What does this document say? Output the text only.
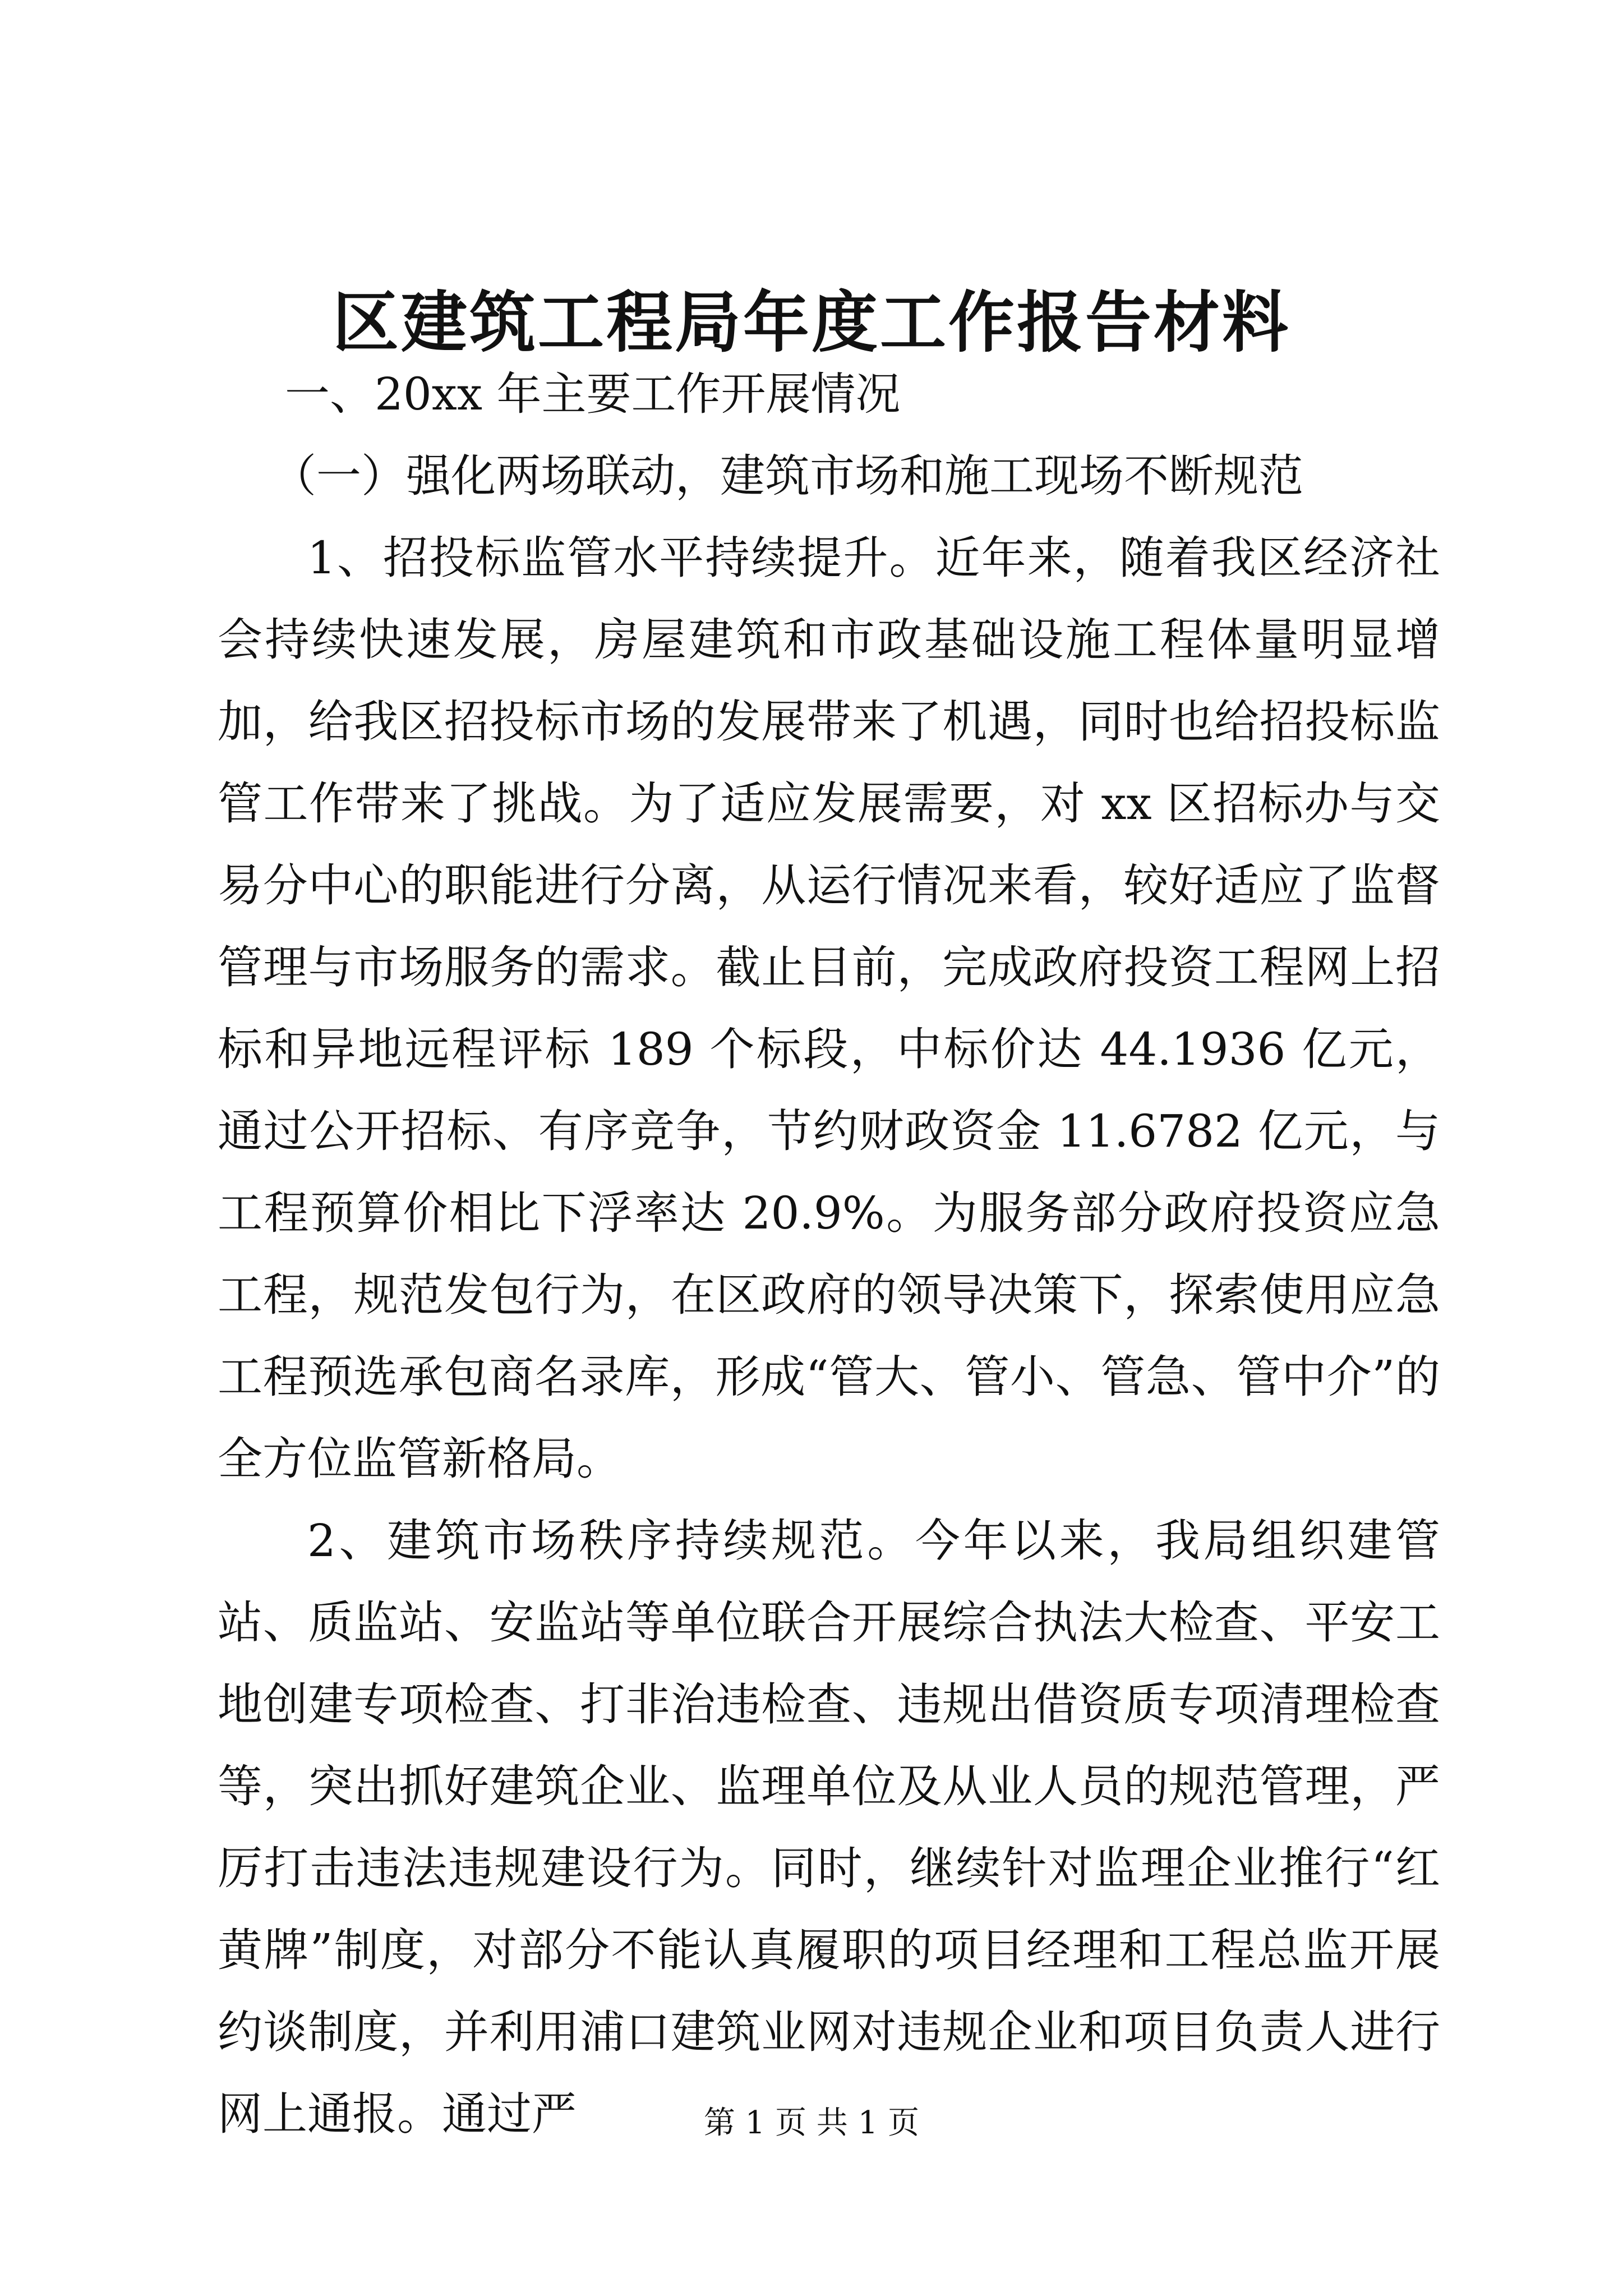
区建筑工程局年度工作报告材料

一、20xx 年主要工作开展情况

（一）强化两场联动，建筑市场和施工现场不断规范

1、招投标监管水平持续提升。近年来，随着我区经济社会持续快速发展，房屋建筑和市政基础设施工程体量明显增加，给我区招投标市场的发展带来了机遇，同时也给招投标监管工作带来了挑战。为了适应发展需要，对 xx 区招标办与交易分中心的职能进行分离，从运行情况来看，较好适应了监督管理与市场服务的需求。截止目前，完成政府投资工程网上招标和异地远程评标 189 个标段，中标价达 44.1936 亿元，通过公开招标、有序竞争，节约财政资金 11.6782 亿元，与工程预算价相比下浮率达 20.9%。为服务部分政府投资应急工程，规范发包行为，在区政府的领导决策下，探索使用应急工程预选承包商名录库，形成“管大、管小、管急、管中介”的全方位监管新格局。

2、建筑市场秩序持续规范。今年以来，我局组织建管站、质监站、安监站等单位联合开展综合执法大检查、平安工地创建专项检查、打非治违检查、违规出借资质专项清理检查等，突出抓好建筑企业、监理单位及从业人员的规范管理，严厉打击违法违规建设行为。同时，继续针对监理企业推行“红黄牌”制度，对部分不能认真履职的项目经理和工程总监开展约谈制度，并利用浦口建筑业网对违规企业和项目负责人进行网上通报。通过严	第 1 页 共 1 页
